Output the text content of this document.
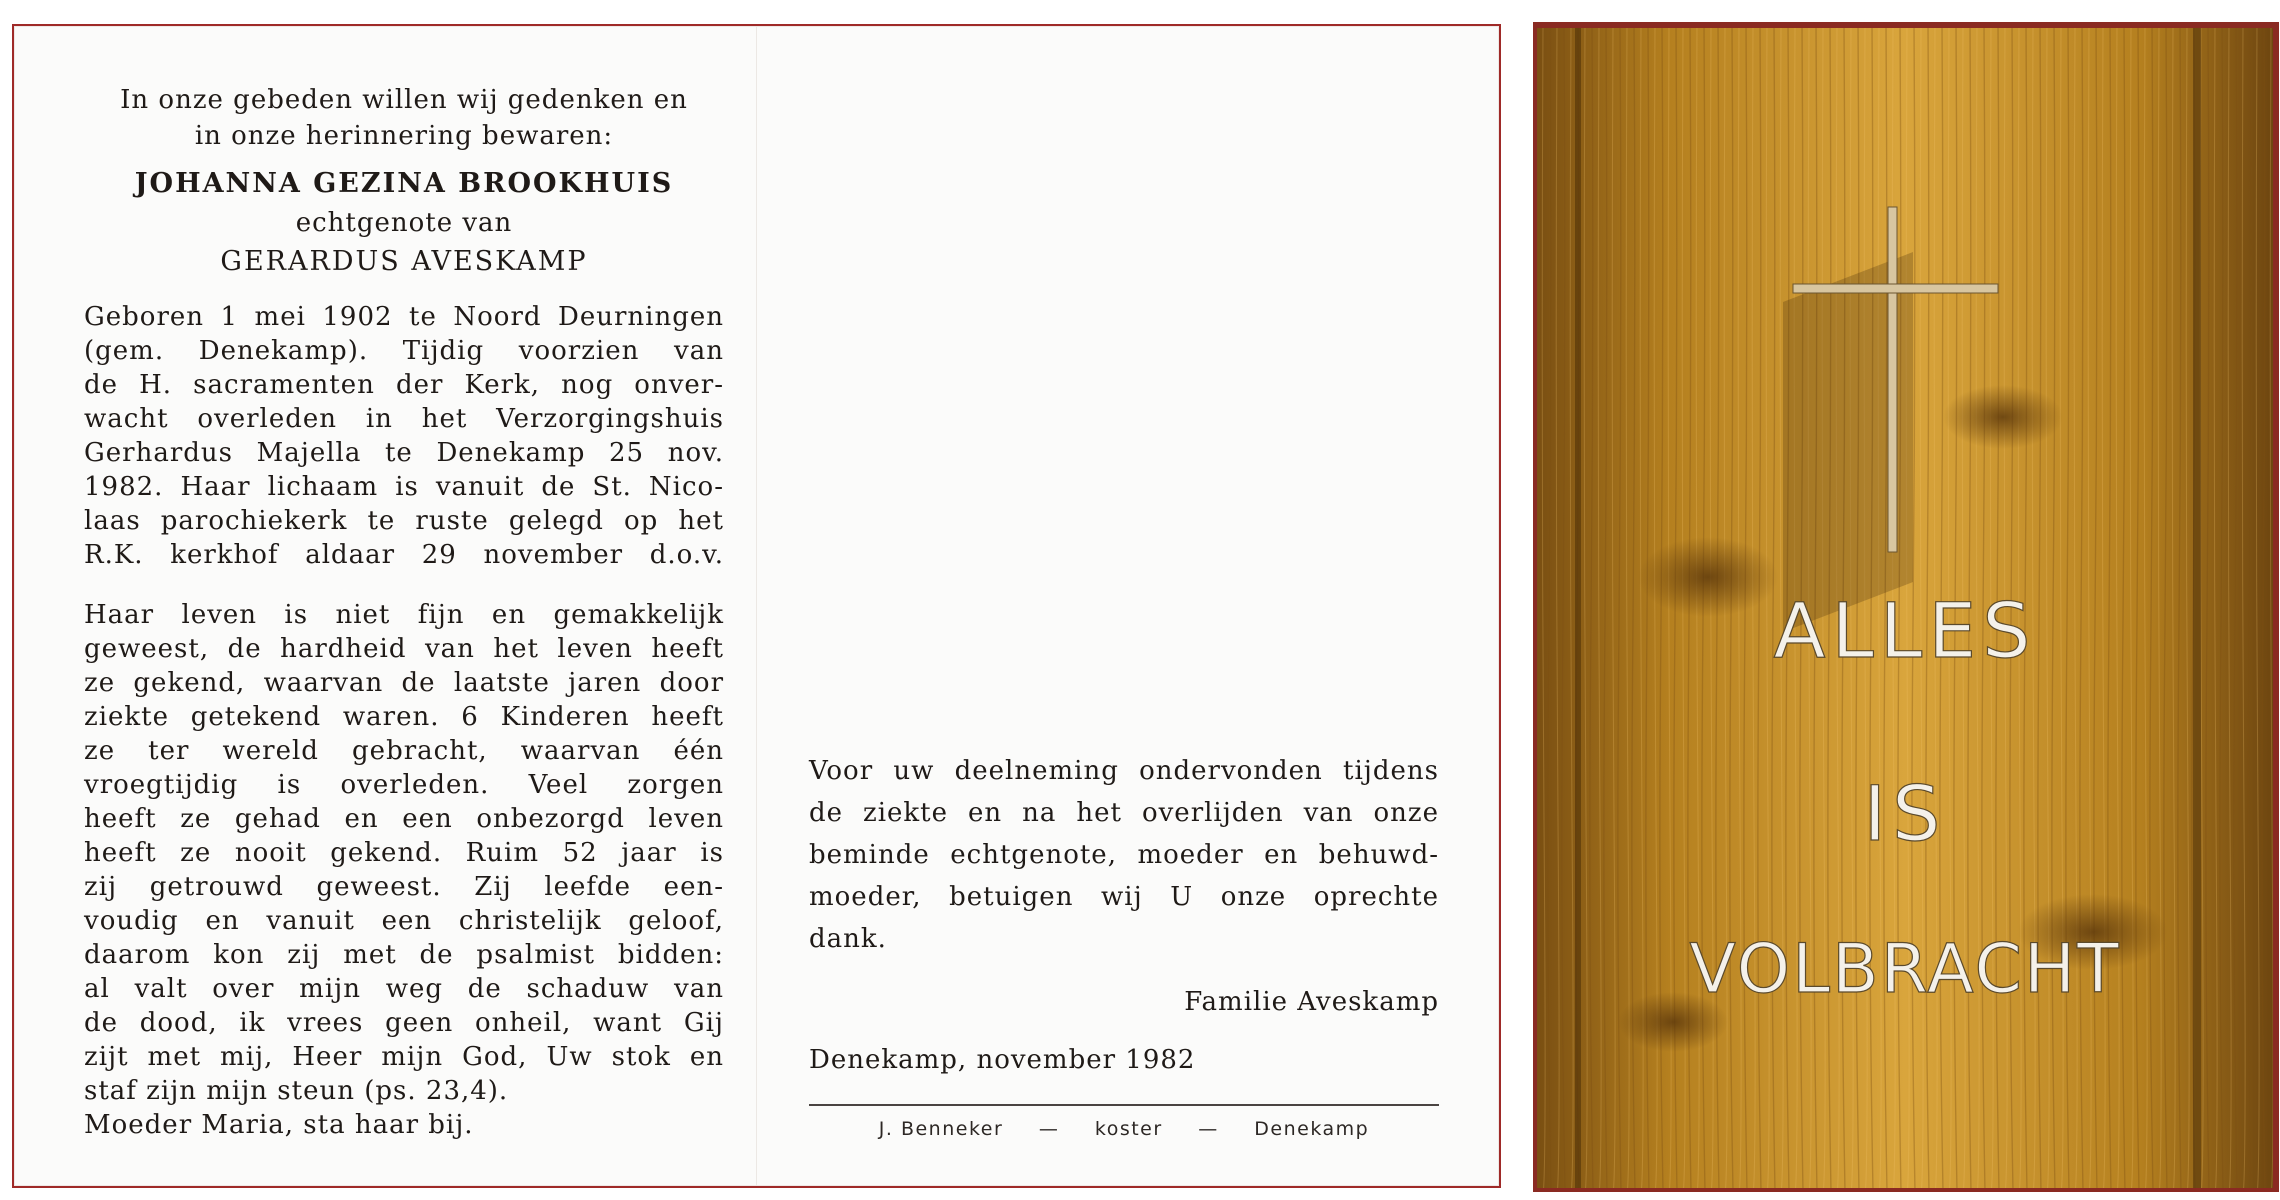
In onze gebeden willen wij gedenken en
in onze herinnering bewaren:
JOHANNA GEZINA BROOKHUIS
echtgenote van
GERARDUS AVESKAMP
Geboren 1 mei 1902 te Noord Deurningen
(gem. Denekamp). Tijdig voorzien van
de H. sacramenten der Kerk, nog onver-
wacht overleden in het Verzorgingshuis
Gerhardus Majella te Denekamp 25 nov.
1982. Haar lichaam is vanuit de St. Nico-
laas parochiekerk te ruste gelegd op het
R.K. kerkhof aldaar 29 november d.o.v.
Haar leven is niet fijn en gemakkelijk
geweest, de hardheid van het leven heeft
ze gekend, waarvan de laatste jaren door
ziekte getekend waren. 6 Kinderen heeft
ze ter wereld gebracht, waarvan één
vroegtijdig is overleden. Veel zorgen
heeft ze gehad en een onbezorgd leven
heeft ze nooit gekend. Ruim 52 jaar is
zij getrouwd geweest. Zij leefde een-
voudig en vanuit een christelijk geloof,
daarom kon zij met de psalmist bidden:
al valt over mijn weg de schaduw van
de dood, ik vrees geen onheil, want Gij
zijt met mij, Heer mijn God, Uw stok en
staf zijn mijn steun (ps. 23,4).
Moeder Maria, sta haar bij.
Voor uw deelneming ondervonden tijdens
de ziekte en na het overlijden van onze
beminde echtgenote, moeder en behuwd-
moeder, betuigen wij U onze oprechte
dank.
Familie Aveskamp
Denekamp, november 1982
J. Benneker — koster — Denekamp
ALLES
IS
VOLBRACHT
